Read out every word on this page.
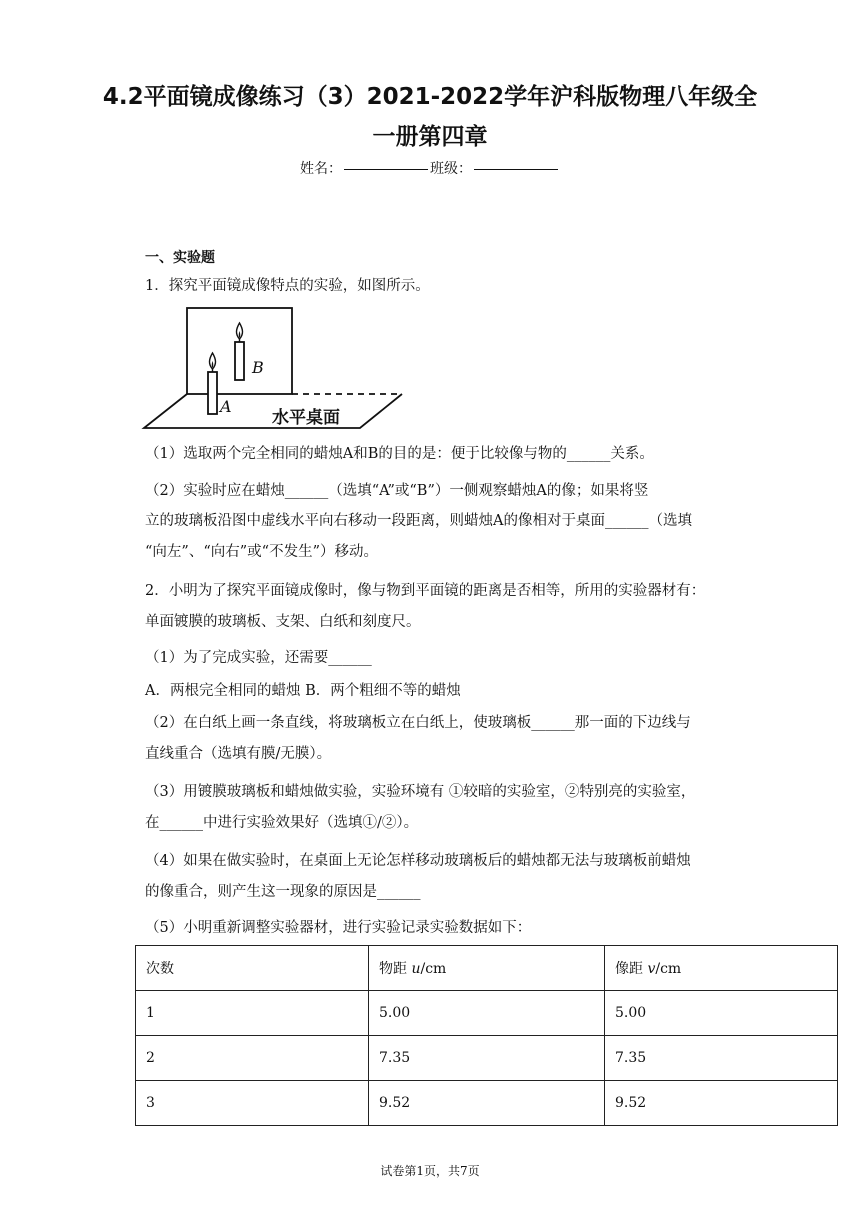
4.2平面镜成像练习（3）2021-2022学年沪科版物理八年级全
一册第四章
姓名：	班级：
一、实验题
1．探究平面镜成像特点的实验，如图所示。
B
A
水平桌面
（1）选取两个完全相同的蜡烛A和B的目的是：便于比较像与物的______关系。
（2）实验时应在蜡烛______（选填“A”或“B”）一侧观察蜡烛A的像；如果将竖
立的玻璃板沿图中虚线水平向右移动一段距离，则蜡烛A的像相对于桌面______（选填
“向左”、“向右”或“不发生”）移动。
2．小明为了探究平面镜成像时，像与物到平面镜的距离是否相等，所用的实验器材有：
单面镀膜的玻璃板、支架、白纸和刻度尺。
（1）为了完成实验，还需要______
A．两根完全相同的蜡烛 B．两个粗细不等的蜡烛
（2）在白纸上画一条直线，将玻璃板立在白纸上，使玻璃板______那一面的下边线与
直线重合（选填有膜/无膜）。
（3）用镀膜玻璃板和蜡烛做实验，实验环境有 ①较暗的实验室，②特别亮的实验室，
在______中进行实验效果好（选填①/②）。
（4）如果在做实验时，在桌面上无论怎样移动玻璃板后的蜡烛都无法与玻璃板前蜡烛
的像重合，则产生这一现象的原因是______
（5）小明重新调整实验器材，进行实验记录实验数据如下：
次数	物距 u/cm	像距 v/cm
1	5.00	5.00
2	7.35	7.35
3	9.52	9.52
试卷第1页，共7页
